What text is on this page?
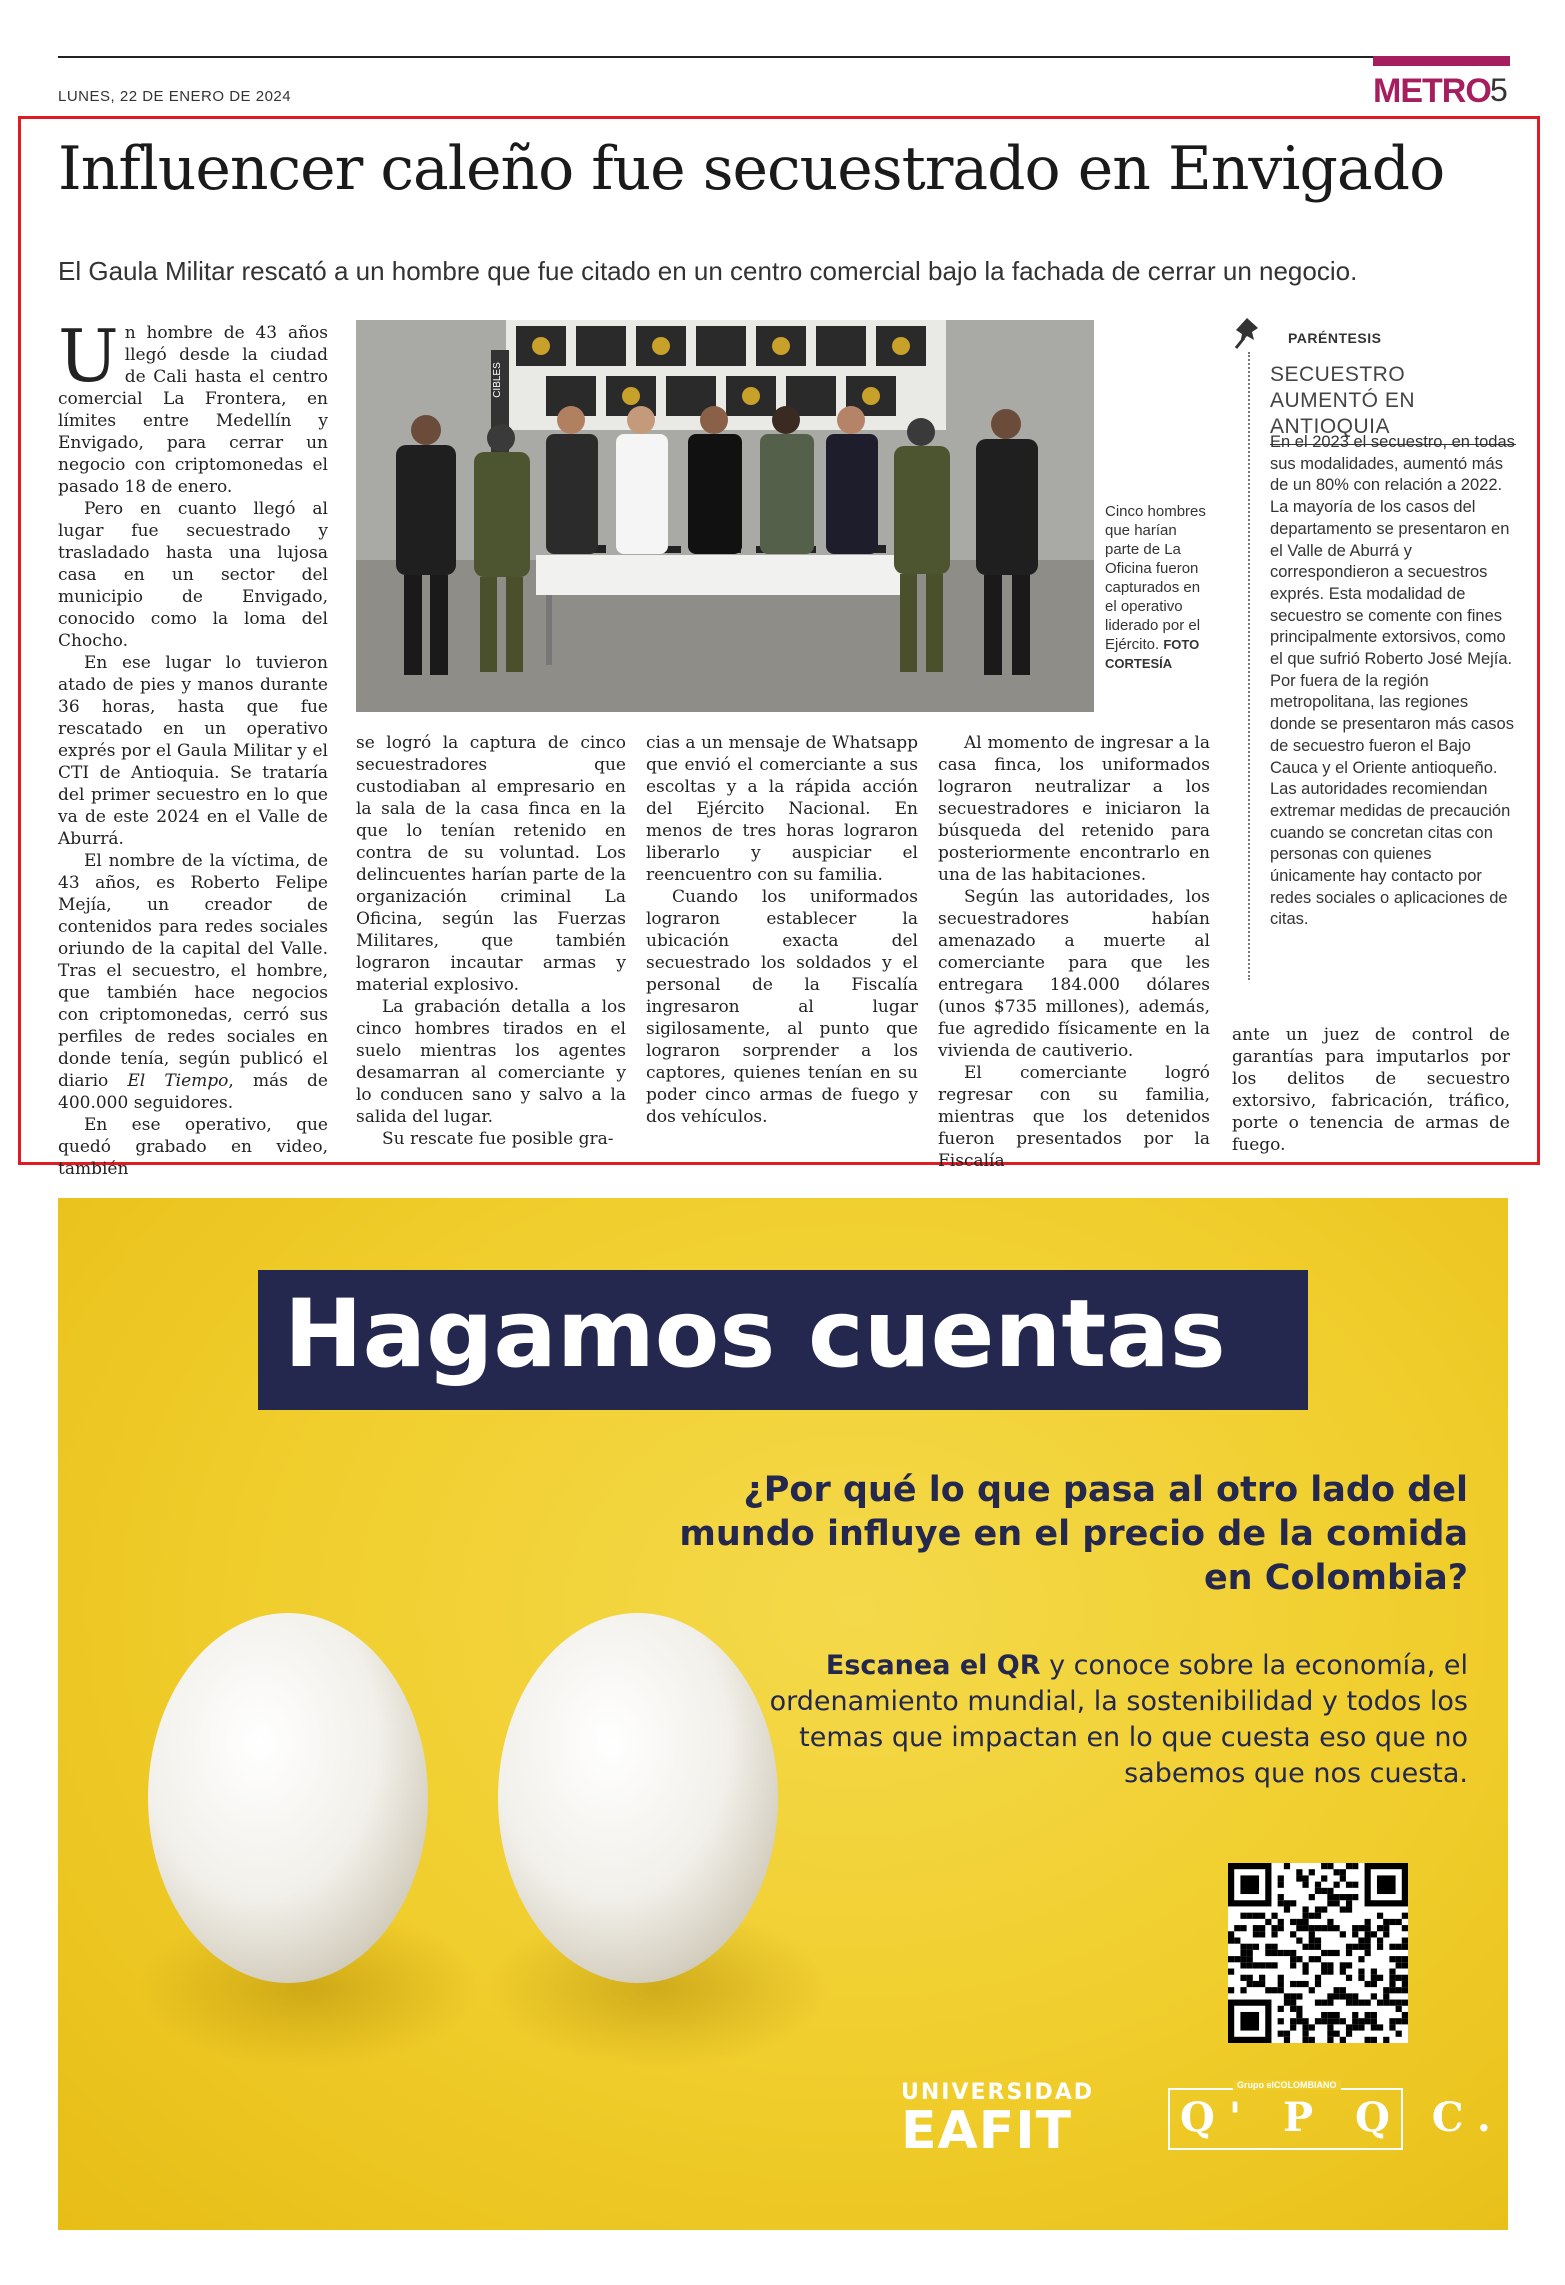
LUNES, 22 DE ENERO DE 2024	METRO 5
Influencer caleño fue secuestrado en Envigado
El Gaula Militar rescató a un hombre que fue citado en un centro comercial bajo la fachada de cerrar un negocio.

Un hombre de 43 años llegó desde la ciudad de Cali hasta el centro comercial La Frontera, en límites entre Medellín y Envigado, para cerrar un negocio con criptomonedas el pasado 18 de enero.

Pero en cuanto llegó al lugar fue secuestrado y trasladado hasta una lujosa casa en un sector del municipio de Envigado, conocido como la loma del Chocho.

En ese lugar lo tuvieron atado de pies y manos durante 36 horas, hasta que fue rescatado en un operativo exprés por el Gaula Militar y el CTI de Antioquia. Se trataría del primer secuestro en lo que va de este 2024 en el Valle de Aburrá.

El nombre de la víctima, de 43 años, es Roberto Felipe Mejía, un creador de contenidos para redes sociales oriundo de la capital del Valle. Tras el secuestro, el hombre, que también hace negocios con criptomonedas, cerró sus perfiles de redes sociales en donde tenía, según publicó el diario El Tiempo, más de 400.000 seguidores.

En ese operativo, que quedó grabado en video, también

CIBLES
Cinco hombres que harían parte de La Oficina fueron capturados en el operativo liderado por el Ejército. FOTO CORTESÍA

se logró la captura de cinco secuestradores que custodiaban al empresario en la sala de la casa finca en la que lo tenían retenido en contra de su voluntad. Los delincuentes harían parte de la organización criminal La Oficina, según las Fuerzas Militares, que también lograron incautar armas y material explosivo.

La grabación detalla a los cinco hombres tirados en el suelo mientras los agentes desamarran al comerciante y lo conducen sano y salvo a la salida del lugar.

Su rescate fue posible gra-

cias a un mensaje de Whatsapp que envió el comerciante a sus escoltas y a la rápida acción del Ejército Nacional. En menos de tres horas lograron liberarlo y auspiciar el reencuentro con su familia.

Cuando los uniformados lograron establecer la ubicación exacta del secuestrado los soldados y el personal de la Fiscalía ingresaron al lugar sigilosamente, al punto que lograron sorprender a los captores, quienes tenían en su poder cinco armas de fuego y dos vehículos.

Al momento de ingresar a la casa finca, los uniformados lograron neutralizar a los secuestradores e iniciaron la búsqueda del retenido para posteriormente encontrarlo en una de las habitaciones.

Según las autoridades, los secuestradores habían amenazado a muerte al comerciante para que les entregara 184.000 dólares (unos $735 millones), además, fue agredido físicamente en la vivienda de cautiverio.

El comerciante logró regresar con su familia, mientras que los detenidos fueron presentados por la Fiscalía

ante un juez de control de garantías para imputarlos por los delitos de secuestro extorsivo, fabricación, tráfico, porte o tenencia de armas de fuego.

PARÉNTESIS
SECUESTRO AUMENTÓ EN ANTIOQUIA

En el 2023 el secuestro, en todas sus modalidades, aumentó más de un 80% con relación a 2022. La mayoría de los casos del departamento se presentaron en el Valle de Aburrá y correspondieron a secuestros exprés. Esta modalidad de secuestro se comente con fines principalmente extorsivos, como el que sufrió Roberto José Mejía.

Por fuera de la región metropolitana, las regiones donde se presentaron más casos de secuestro fueron el Bajo Cauca y el Oriente antioqueño. Las autoridades recomiendan extremar medidas de precaución cuando se concretan citas con personas con quienes únicamente hay contacto por redes sociales o aplicaciones de citas.

Hagamos cuentas
¿Por qué lo que pasa al otro lado del mundo influye en el precio de la comida en Colombia?
Escanea el QR y conoce sobre la economía, el ordenamiento mundial, la sostenibilidad y todos los temas que impactan en lo que cuesta eso que no sabemos que nos cuesta.
UNIVERSIDAD
EAFIT
Grupo elCOLOMBIANO
Q' P Q C.
